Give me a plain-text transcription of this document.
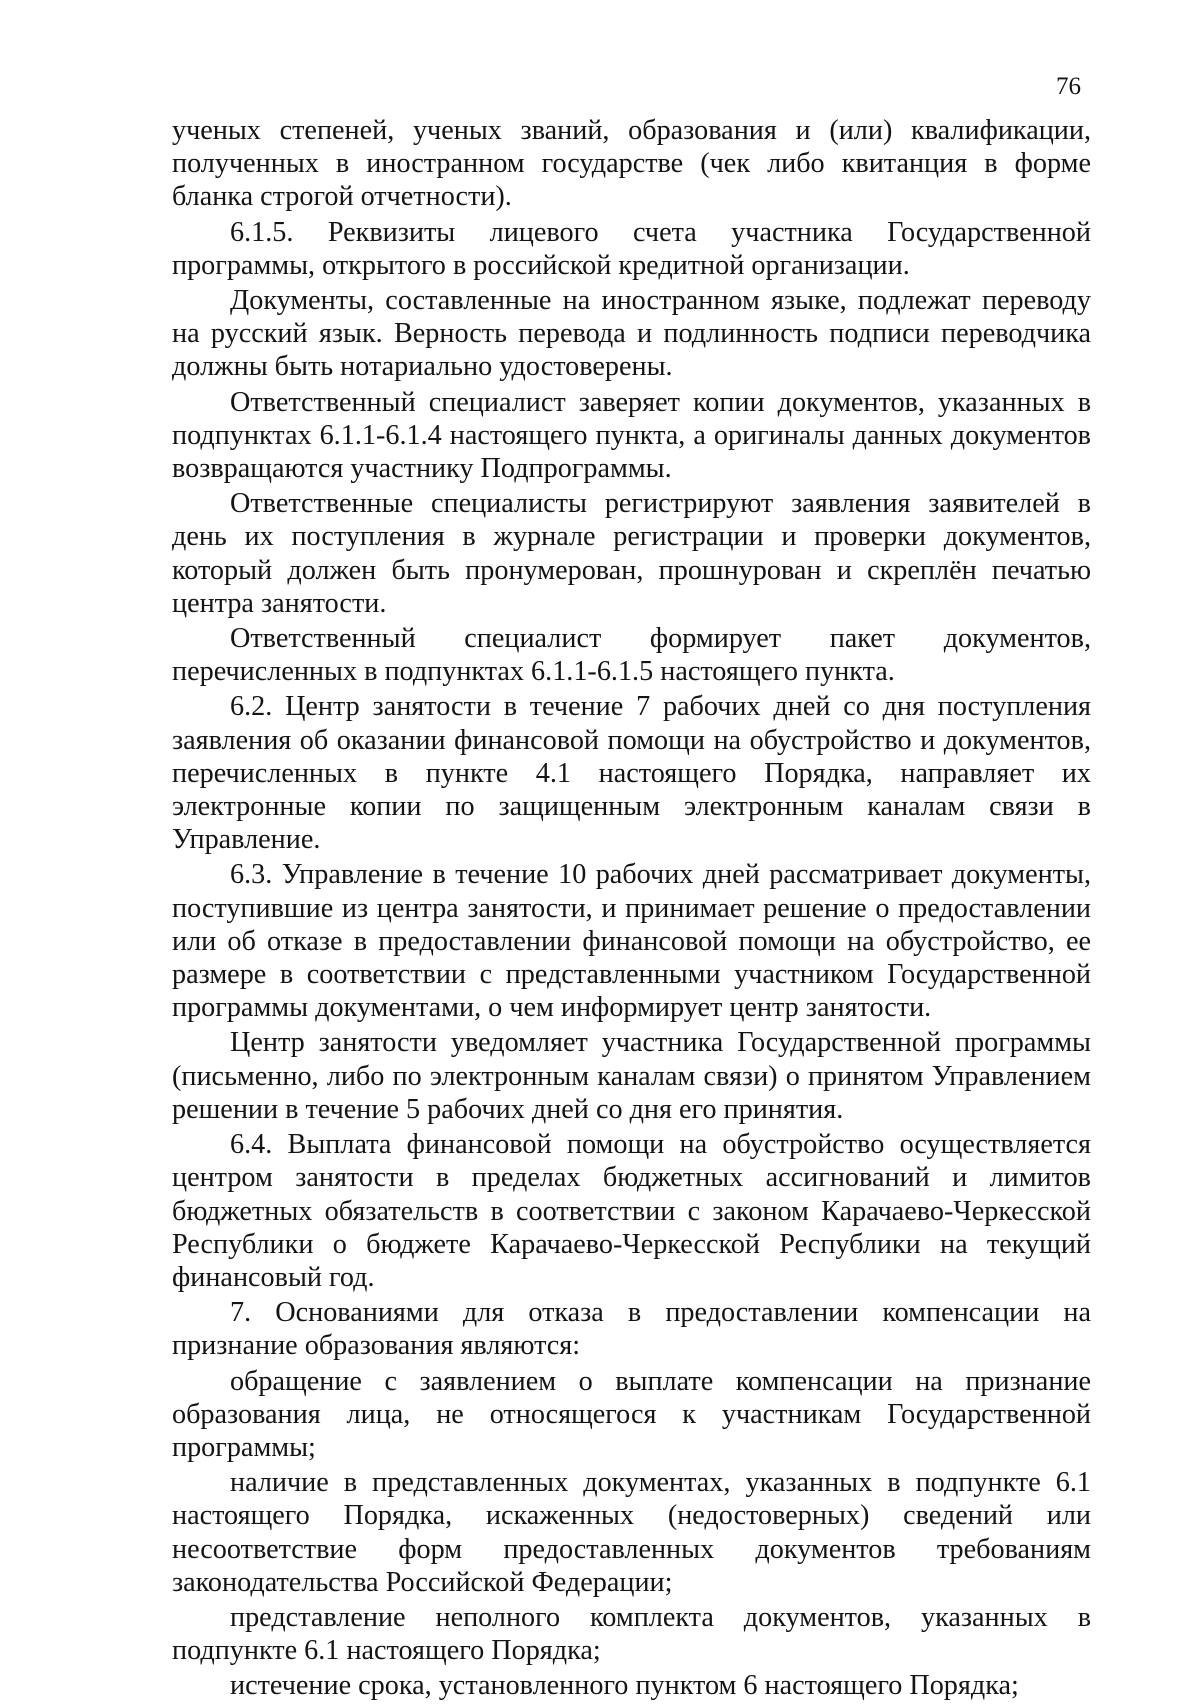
76

ученых степеней, ученых званий, образования и (или) квалификации, полученных в иностранном государстве (чек либо квитанция в форме бланка строгой отчетности).

6.1.5. Реквизиты лицевого счета участника Государственной программы, открытого в российской кредитной организации.

Документы, составленные на иностранном языке, подлежат переводу на русский язык. Верность перевода и подлинность подписи переводчика должны быть нотариально удостоверены.

Ответственный специалист заверяет копии документов, указанных в подпунктах 6.1.1-6.1.4 настоящего пункта, а оригиналы данных документов возвращаются участнику Подпрограммы.

Ответственные специалисты регистрируют заявления заявителей в день их поступления в журнале регистрации и проверки документов, который должен быть пронумерован, прошнурован и скреплён печатью центра занятости.

Ответственный специалист формирует пакет документов, перечисленных в подпунктах 6.1.1-6.1.5 настоящего пункта.

6.2. Центр занятости в течение 7 рабочих дней со дня поступления заявления об оказании финансовой помощи на обустройство и документов, перечисленных в пункте 4.1 настоящего Порядка, направляет их электронные копии по защищенным электронным каналам связи в Управление.

6.3. Управление в течение 10 рабочих дней рассматривает документы, поступившие из центра занятости, и принимает решение о предоставлении или об отказе в предоставлении финансовой помощи на обустройство, ее размере в соответствии с представленными участником Государственной программы документами, о чем информирует центр занятости.

Центр занятости уведомляет участника Государственной программы (письменно, либо по электронным каналам связи) о принятом Управлением решении в течение 5 рабочих дней со дня его принятия.

6.4. Выплата финансовой помощи на обустройство осуществляется центром занятости в пределах бюджетных ассигнований и лимитов бюджетных обязательств в соответствии с законом Карачаево-Черкесской Республики о бюджете Карачаево-Черкесской Республики на текущий финансовый год.

7. Основаниями для отказа в предоставлении компенсации на признание образования являются:

обращение с заявлением о выплате компенсации на признание образования лица, не относящегося к участникам Государственной программы;

наличие в представленных документах, указанных в подпункте 6.1 настоящего Порядка, искаженных (недостоверных) сведений или несоответствие форм предоставленных документов требованиям законодательства Российской Федерации;

представление неполного комплекта документов, указанных в подпункте 6.1 настоящего Порядка;

истечение срока, установленного пунктом 6 настоящего Порядка;
